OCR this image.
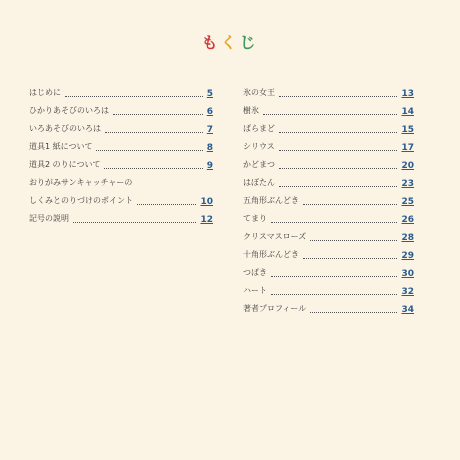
もくじ
はじめに	5
ひかりあそびのいろは	6
いろあそびのいろは	7
道具1 紙について	8
道具2 のりについて	9
おりがみサンキャッチャーの
しくみとのりづけのポイント	10
記号の説明	12
氷の女王	13
樹氷	14
ばらまど	15
シリウス	17
かどまつ	20
はぼたん	23
五角形ぶんどき	25
てまり	26
クリスマスローズ	28
十角形ぶんどき	29
つばき	30
ハート	32
著者プロフィール	34
